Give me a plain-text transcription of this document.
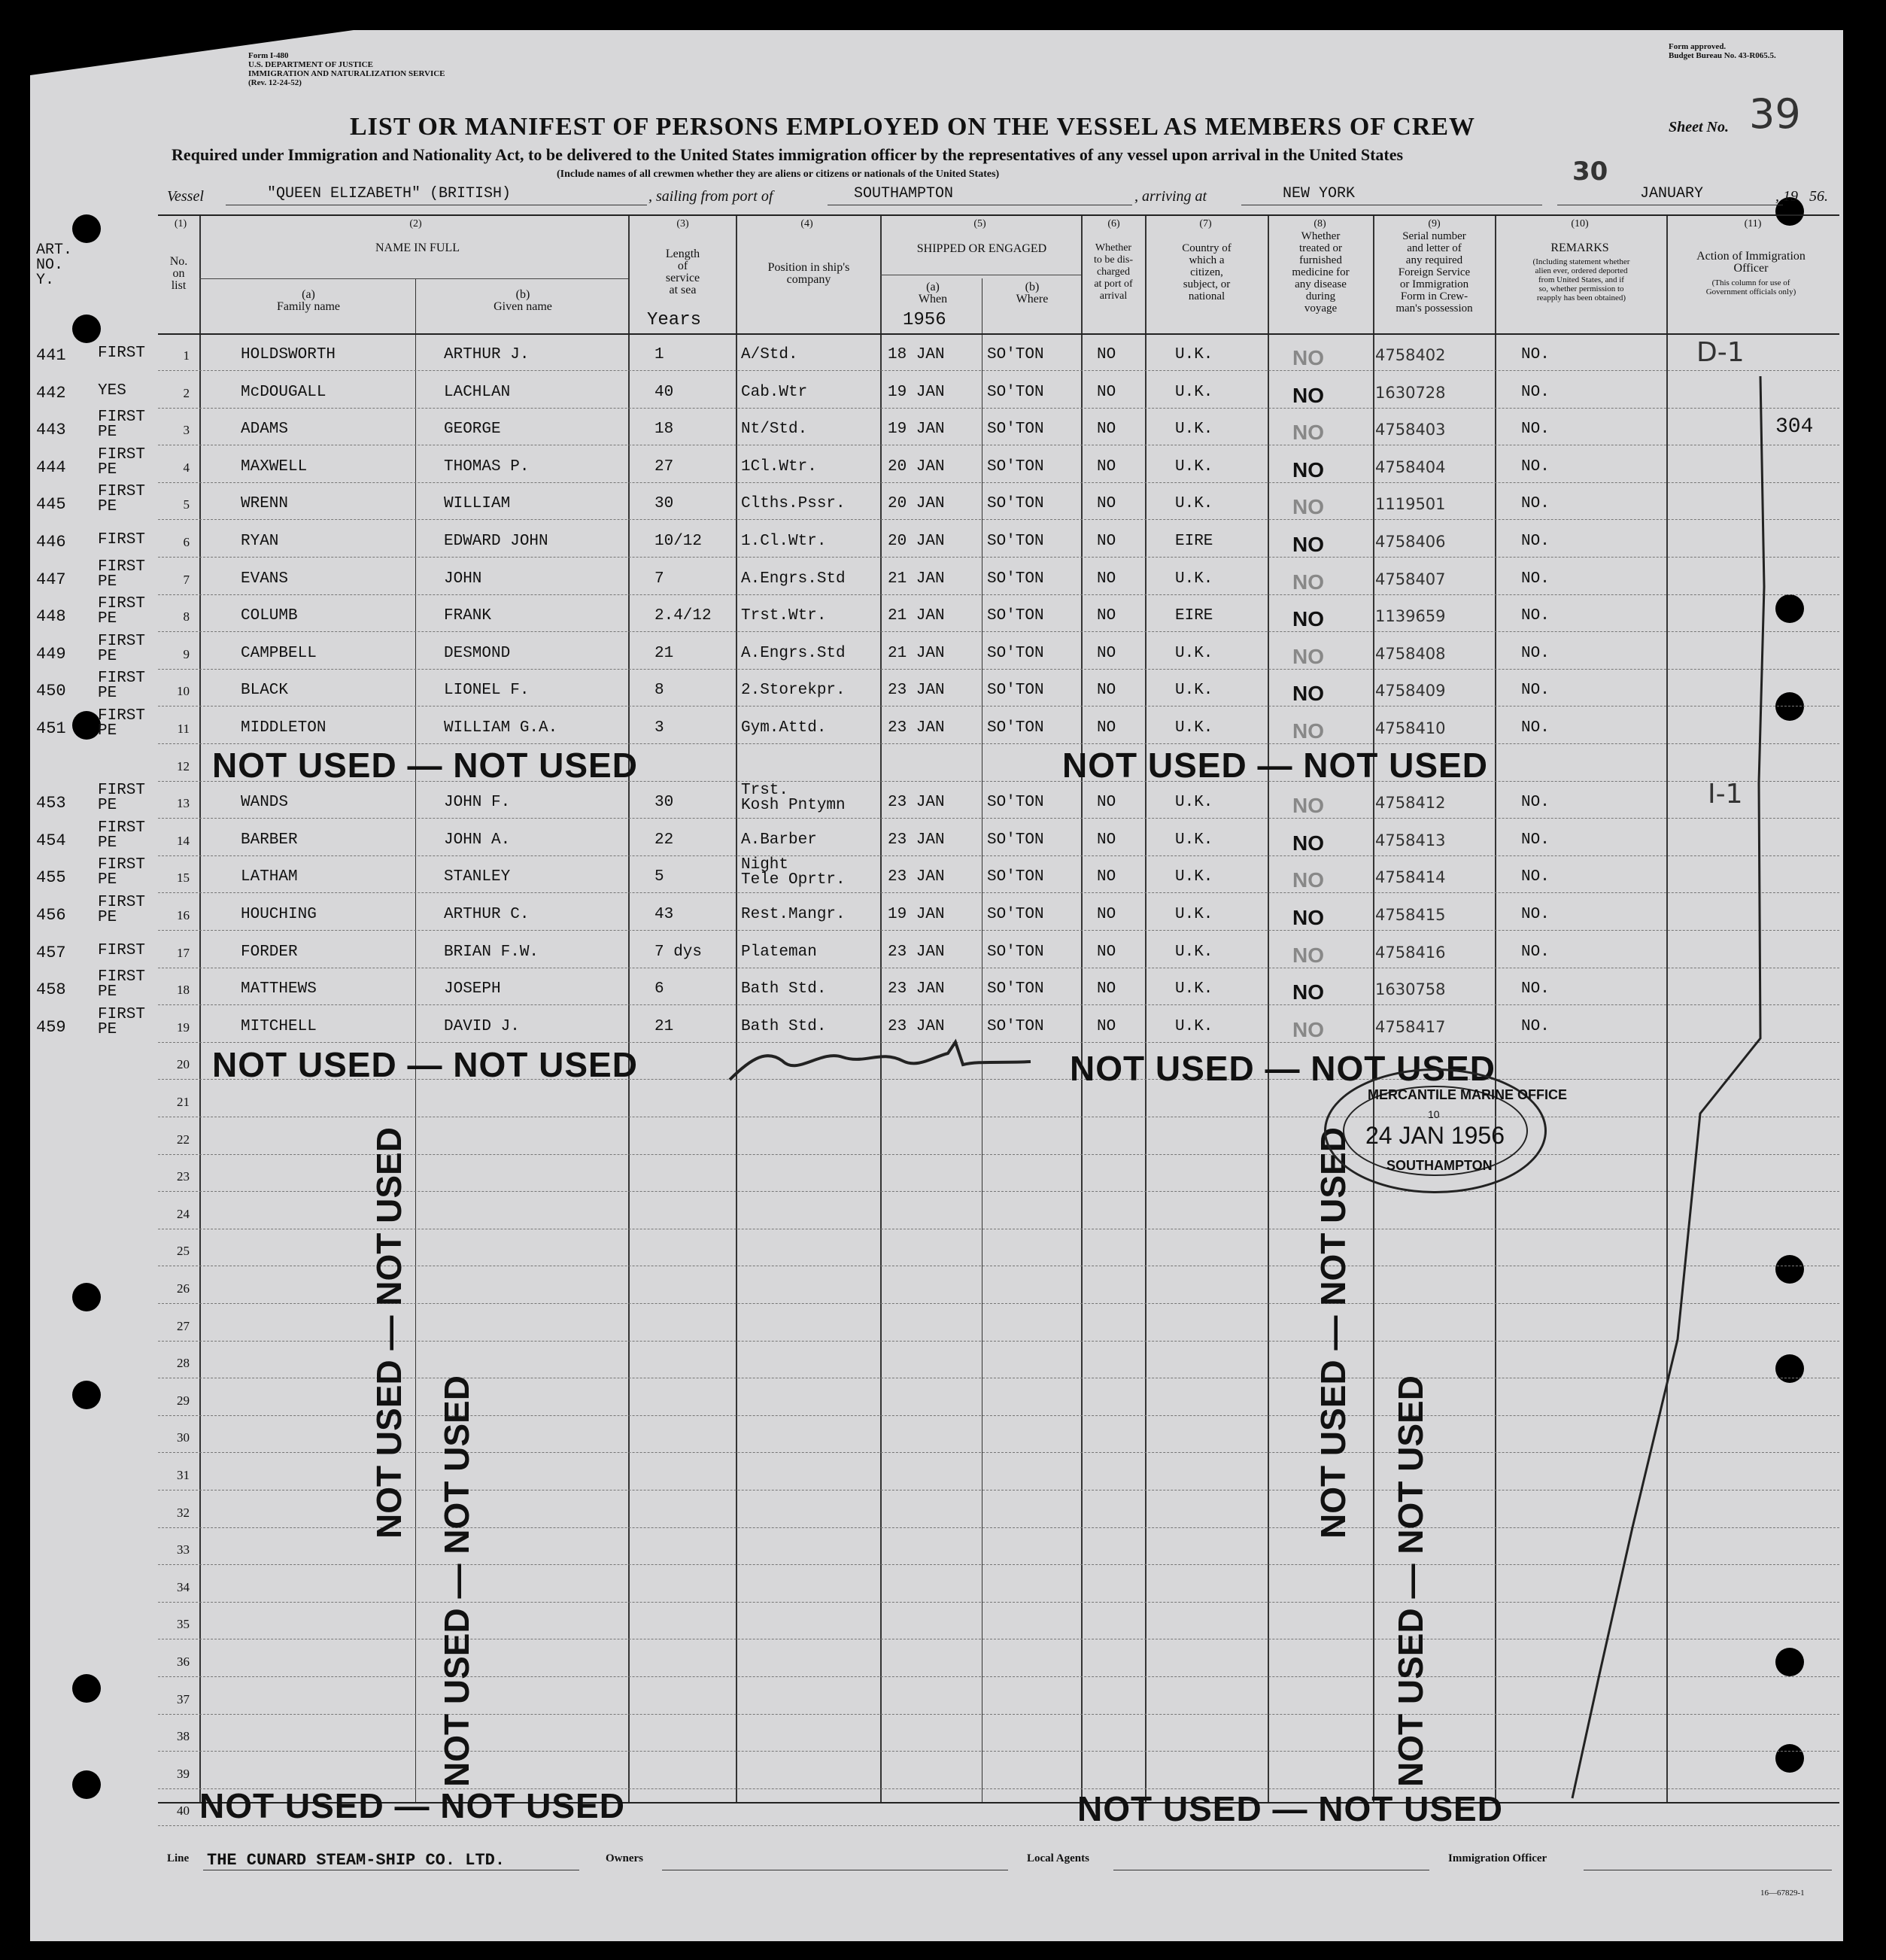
Form I-480
U.S. DEPARTMENT OF JUSTICE
IMMIGRATION AND NATURALIZATION SERVICE
(Rev. 12-24-52)
Form approved.
Budget Bureau No. 43-R065.5.
LIST OR MANIFEST OF PERSONS EMPLOYED ON THE VESSEL AS MEMBERS OF CREW	Sheet No. 39
Required under Immigration and Nationality Act, to be delivered to the United States immigration officer by the representatives of any vessel upon arrival in the United States
(Include names of all crewmen whether they are aliens or citizens or nationals of the United States)
Vessel	"QUEEN ELIZABETH" (BRITISH)	, sailing from port of	SOUTHAMPTON	, arriving at	NEW YORK
30
JANUARY	, 19 56.
(1)
No.
on
list
ART.
NO.
Y.
(2)
NAME IN FULL
(a)
Family name
(b)
Given name
(3)
Length
of
service
at sea
Years
(4)
Position in ship's
company
(5)
SHIPPED OR ENGAGED
(a)
When
1956
(b)
Where
(6)
Whether
to be dis-
charged
at port of
arrival
(7)
Country of
which a
citizen,
subject, or
national
(8)
Whether
treated or
furnished
medicine for
any disease
during
voyage
(9)
Serial number
and letter of
any required
Foreign Service
or Immigration
Form in Crew-
man's possession
(10)
REMARKS
(Including statement whether
alien ever, ordered deported
from United States, and if
so, whether permission to
reapply has been obtained)
(11)
Action of Immigration
Officer
(This column for use of
Government officials only)
1
441 FIRST	HOLDSWORTH	ARTHUR J.	1	A/Std.	18 JAN	SO'TON	NO	U.K.	NO	4758402	NO.
2
442 YES	McDOUGALL	LACHLAN	40	Cab.Wtr	19 JAN	SO'TON	NO	U.K.	NO	1630728	NO.
3
443
FIRST
PE	ADAMS	GEORGE	18	Nt/Std.	19 JAN	SO'TON	NO	U.K.	NO	4758403	NO.
4
444
FIRST
PE	MAXWELL	THOMAS P.	27	1Cl.Wtr.	20 JAN	SO'TON	NO	U.K.	NO	4758404	NO.
5
445
FIRST
PE	WRENN	WILLIAM	30	Clths.Pssr.	20 JAN	SO'TON	NO	U.K.	NO	1119501	NO.
6
446 FIRST	RYAN	EDWARD JOHN	10/12 1.Cl.Wtr.	20 JAN	SO'TON	NO	EIRE	NO	4758406	NO.
7
447
FIRST
PE	EVANS	JOHN	7	A.Engrs.Std	21 JAN	SO'TON	NO	U.K.	NO	4758407	NO.
8
448
FIRST
PE	COLUMB	FRANK	2.4/12 Trst.Wtr.	21 JAN	SO'TON	NO	EIRE	NO	1139659	NO.
9
449
FIRST
PE	CAMPBELL	DESMOND	21	A.Engrs.Std	21 JAN	SO'TON	NO	U.K.	NO	4758408	NO.
10
450
FIRST
PE	BLACK	LIONEL F.	8	2.Storekpr.	23 JAN	SO'TON	NO	U.K.	NO	4758409	NO.
11
451
FIRST
PE	MIDDLETON	WILLIAM G.A.	3	Gym.Attd.	23 JAN	SO'TON	NO	U.K.	NO	4758410	NO.
12
13
453
FIRST
PE	WANDS	JOHN F.	30
Trst.
Kosh Pntymn	23 JAN	SO'TON	NO	U.K.	NO	4758412	NO.
14
454
FIRST
PE	BARBER	JOHN A.	22	A.Barber	23 JAN	SO'TON	NO	U.K.	NO	4758413	NO.
15
455
FIRST
PE	LATHAM	STANLEY	5
Night
Tele Oprtr.	23 JAN	SO'TON	NO	U.K.	NO	4758414	NO.
16
456
FIRST
PE	HOUCHING	ARTHUR C.	43	Rest.Mangr.	19 JAN	SO'TON	NO	U.K.	NO	4758415	NO.
17
457 FIRST	FORDER	BRIAN F.W.	7 dys Plateman	23 JAN	SO'TON	NO	U.K.	NO	4758416	NO.
18
458
FIRST
PE	MATTHEWS	JOSEPH	6	Bath Std.	23 JAN	SO'TON	NO	U.K.	NO	1630758	NO.
19
459
FIRST
PE	MITCHELL	DAVID J.	21	Bath Std.	23 JAN	SO'TON	NO	U.K.	NO	4758417	NO.
20
21
22
23
24
25
26
27
28
29
30
31
32
33
34
35
36
37
38
39
40
NOT USED — NOT USED	NOT USED — NOT USED
NOT USED — NOT USED	NOT USED — NOT USED
NOT USED — NOT USED	NOT USED — NOT USED
NOT USED — NOT USED
NOT USED — NOT USED
NOT USED — NOT USED
NOT USED — NOT USED
D-1
304
I-1
MERCANTILE MARINE OFFICE
10
24 JAN 1956
SOUTHAMPTON
Line THE CUNARD STEAM-SHIP CO. LTD.	Owners	Local Agents	Immigration Officer
16—67829-1
